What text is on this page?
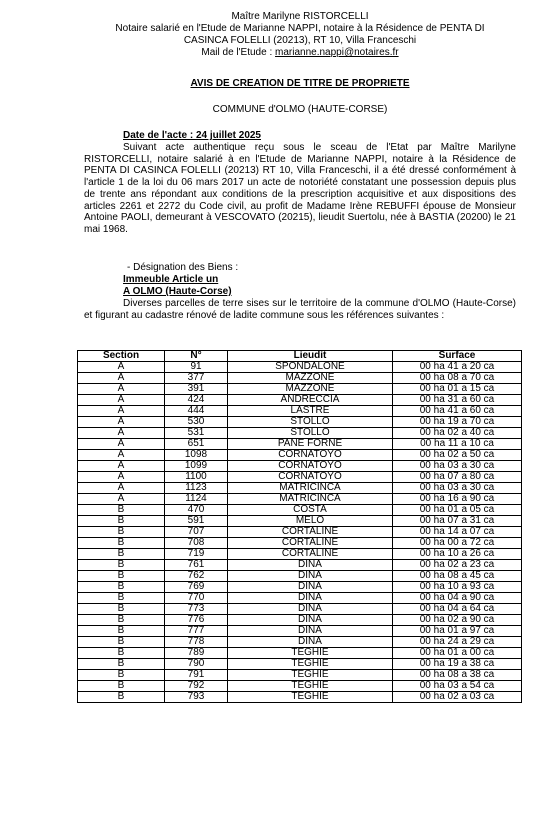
Maître Marilyne RISTORCELLI
Notaire salarié en l'Etude de Marianne NAPPI, notaire à la Résidence de PENTA DI
CASINCA FOLELLI (20213), RT 10, Villa Franceschi
Mail de l'Etude : marianne.nappi@notaires.fr
AVIS DE CREATION DE TITRE DE PROPRIETE
COMMUNE d'OLMO (HAUTE-CORSE)
Date de l'acte : 24 juillet 2025
Suivant acte authentique reçu sous le sceau de l'Etat par Maître Marilyne RISTORCELLI, notaire salarié à en l'Etude de Marianne NAPPI, notaire à la Résidence de PENTA DI CASINCA FOLELLI (20213) RT 10, Villa Franceschi, il a été dressé conformément à l'article 1 de la loi du 06 mars 2017 un acte de notoriété constatant une possession depuis plus de trente ans répondant aux conditions de la prescription acquisitive et aux dispositions des articles 2261 et 2272 du Code civil, au profit de Madame Irène REBUFFI épouse de Monsieur Antoine PAOLI, demeurant à VESCOVATO (20215), lieudit Suertolu, née à BASTIA (20200) le 21 mai 1968.
- Désignation des Biens :
Immeuble Article un
A OLMO (Haute-Corse)
Diverses parcelles de terre sises sur le territoire de la commune d'OLMO (Haute-Corse) et figurant au cadastre rénové de ladite commune sous les références suivantes :
Section	N°	Lieudit	Surface
A	91	SPONDALONE	00 ha 41 a 20 ca
A	377	MAZZONE	00 ha 08 a 70 ca
A	391	MAZZONE	00 ha 01 a 15 ca
A	424	ANDRECCIA	00 ha 31 a 60 ca
A	444	LASTRE	00 ha 41 a 60 ca
A	530	STOLLO	00 ha 19 a 70 ca
A	531	STOLLO	00 ha 02 a 40 ca
A	651	PANE FORNE	00 ha 11 a 10 ca
A	1098	CORNATOYO	00 ha 02 a 50 ca
A	1099	CORNATOYO	00 ha 03 a 30 ca
A	1100	CORNATOYO	00 ha 07 a 80 ca
A	1123	MATRICINCA	00 ha 03 a 30 ca
A	1124	MATRICINCA	00 ha 16 a 90 ca
B	470	COSTA	00 ha 01 a 05 ca
B	591	MELO	00 ha 07 a 31 ca
B	707	CORTALINE	00 ha 14 a 07 ca
B	708	CORTALINE	00 ha 00 a 72 ca
B	719	CORTALINE	00 ha 10 a 26 ca
B	761	DINA	00 ha 02 a 23 ca
B	762	DINA	00 ha 08 a 45 ca
B	769	DINA	00 ha 10 a 93 ca
B	770	DINA	00 ha 04 a 90 ca
B	773	DINA	00 ha 04 a 64 ca
B	776	DINA	00 ha 02 a 90 ca
B	777	DINA	00 ha 01 a 97 ca
B	778	DINA	00 ha 24 a 29 ca
B	789	TEGHIE	00 ha 01 a 00 ca
B	790	TEGHIE	00 ha 19 a 38 ca
B	791	TEGHIE	00 ha 08 a 38 ca
B	792	TEGHIE	00 ha 03 a 54 ca
B	793	TEGHIE	00 ha 02 a 03 ca
